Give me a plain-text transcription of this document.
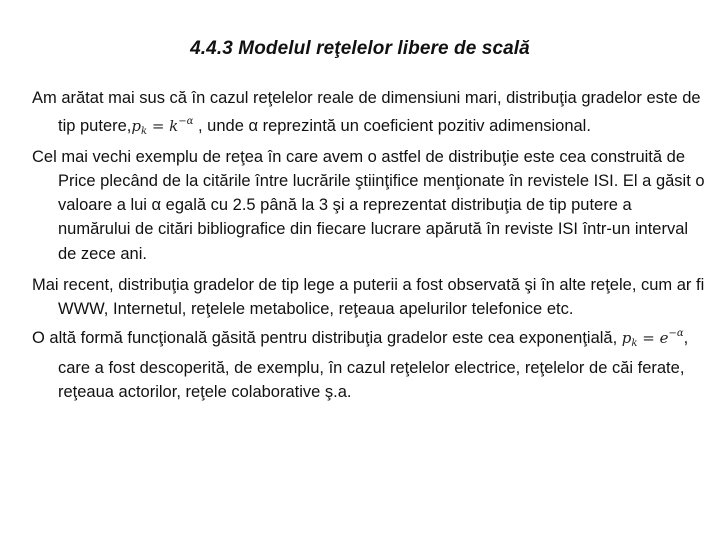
4.4.3 Modelul reţelelor libere de scală

Am arătat mai sus că în cazul reţelelor reale de dimensiuni mari, distribuţia gradelor este de tip $putere,p_k = k^{-\alpha}$ , unde α reprezintă un coeficient pozitiv adimensional.

Cel mai vechi exemplu de reţea în care avem o astfel de distribuţie este cea construită de Price plecând de la citările între lucrările ştiinţifice menţionate în revistele ISI. El a găsit o valoare a lui α egală cu 2.5 până la 3 şi a reprezentat distribuţia de tip putere a numărului de citări bibliografice din fiecare lucrare apărută în reviste ISI într-un interval de zece ani.

Mai recent, distribuţia gradelor de tip lege a puterii a fost observată şi în alte reţele, cum ar fi WWW, Internetul, reţelele metabolice, reţeaua apelurilor telefonice etc.

O altă formă funcţională găsită pentru distribuţia gradelor este cea exponenţială, $p_k = e^{-\alpha}$, care a fost descoperită, de exemplu, în cazul reţelelor electrice, reţelelor de căi ferate, reţeaua actorilor, reţele colaborative ş.a.
